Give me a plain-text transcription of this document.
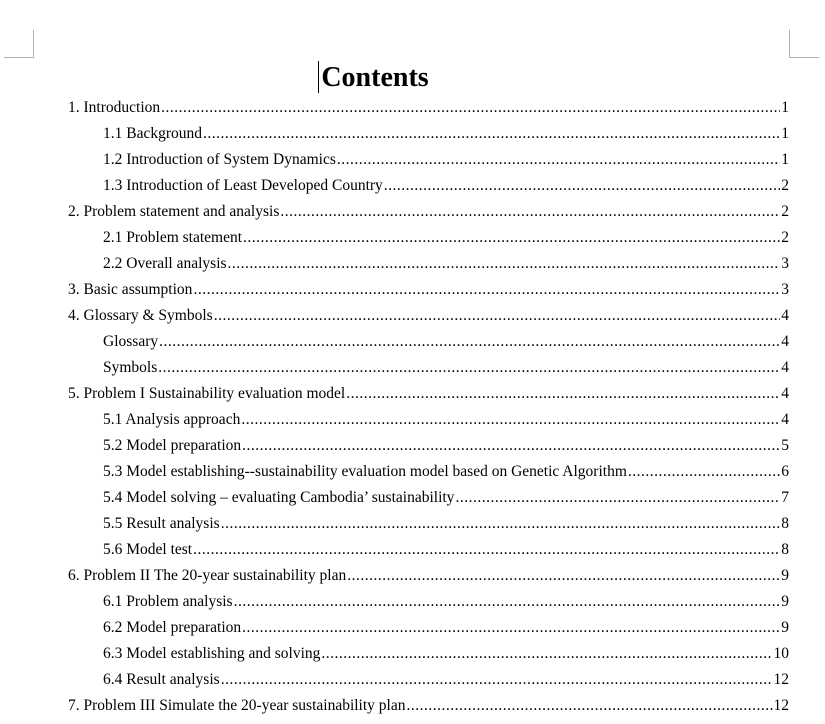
Contents
1. Introduction .....	1
1.1 Background .....	1
1.2 Introduction of System Dynamics .....	1
1.3 Introduction of Least Developed Country .....	2
2. Problem statement and analysis .....	2
2.1 Problem statement .....	2
2.2 Overall analysis .....	3
3. Basic assumption .....	3
4. Glossary & Symbols .....	4
Glossary .....	4
Symbols .....	4
5. Problem I Sustainability evaluation model .....	4
5.1 Analysis approach .....	4
5.2 Model preparation .....	5
5.3 Model establishing--sustainability evaluation model based on Genetic Algorithm .....	6
5.4 Model solving – evaluating Cambodia’ sustainability .....	7
5.5 Result analysis .....	8
5.6 Model test .....	8
6. Problem II The 20-year sustainability plan .....	9
6.1 Problem analysis .....	9
6.2 Model preparation .....	9
6.3 Model establishing and solving .....	10
6.4 Result analysis .....	12
7. Problem III Simulate the 20-year sustainability plan .....	12
